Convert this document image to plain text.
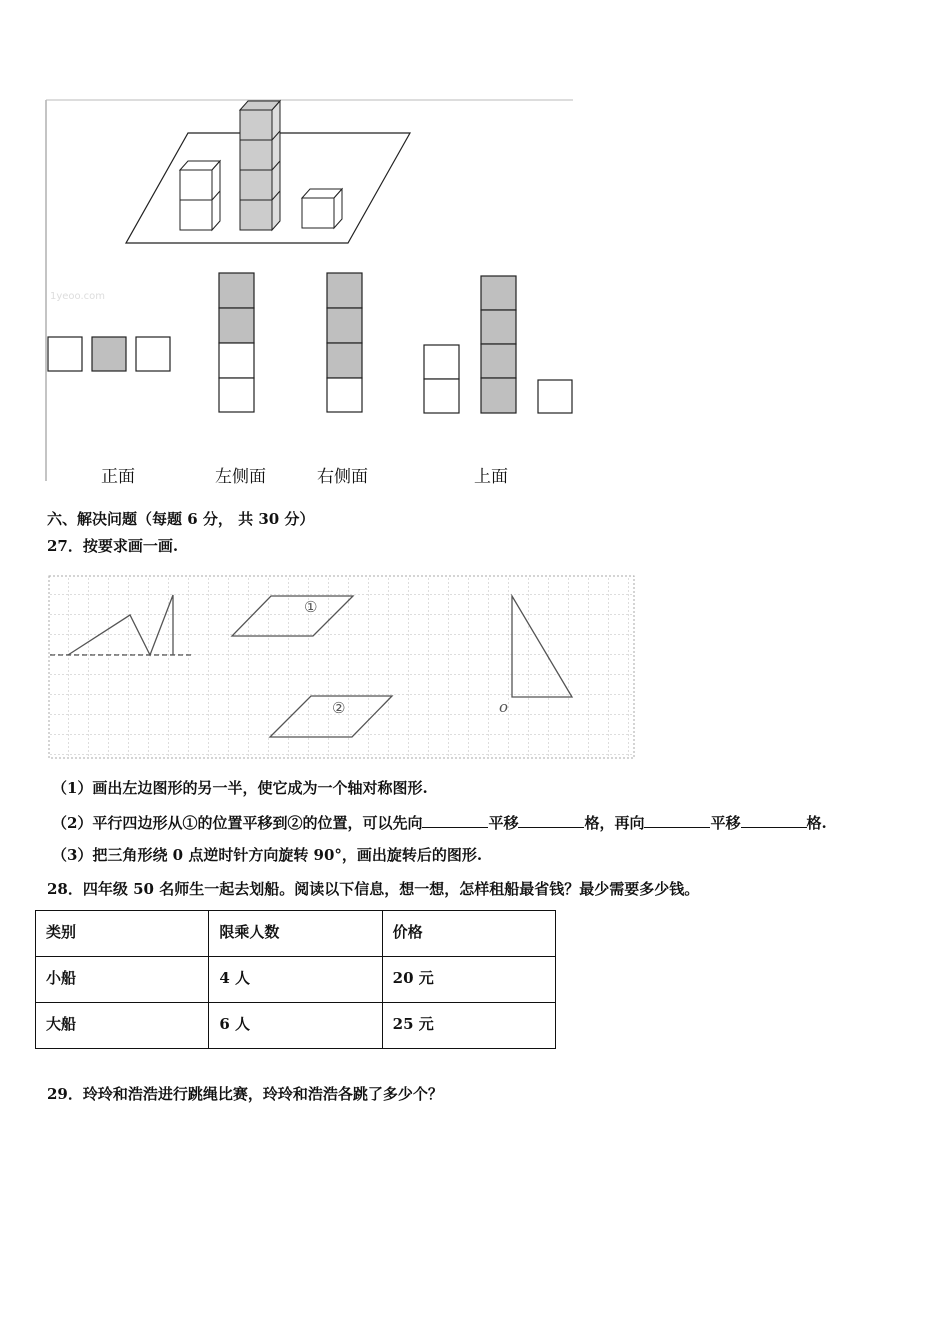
1yeoo.com
正面	左侧面	右侧面	上面
六、解决问题（每题 6 分， 共 30 分）
27．按要求画一画.
①
②	o
（1）画出左边图形的另一半，使它成为一个轴对称图形.
（2）平行四边形从①的位置平移到②的位置，可以先向	平移	格，再向	平移	格.
（3）把三角形绕 0 点逆时针方向旋转 90°，画出旋转后的图形.
28．四年级 50 名师生一起去划船。阅读以下信息，想一想，怎样租船最省钱？最少需要多少钱。
类别	限乘人数	价格
小船	4 人	20 元
大船	6 人	25 元
29．玲玲和浩浩进行跳绳比赛，玲玲和浩浩各跳了多少个？
